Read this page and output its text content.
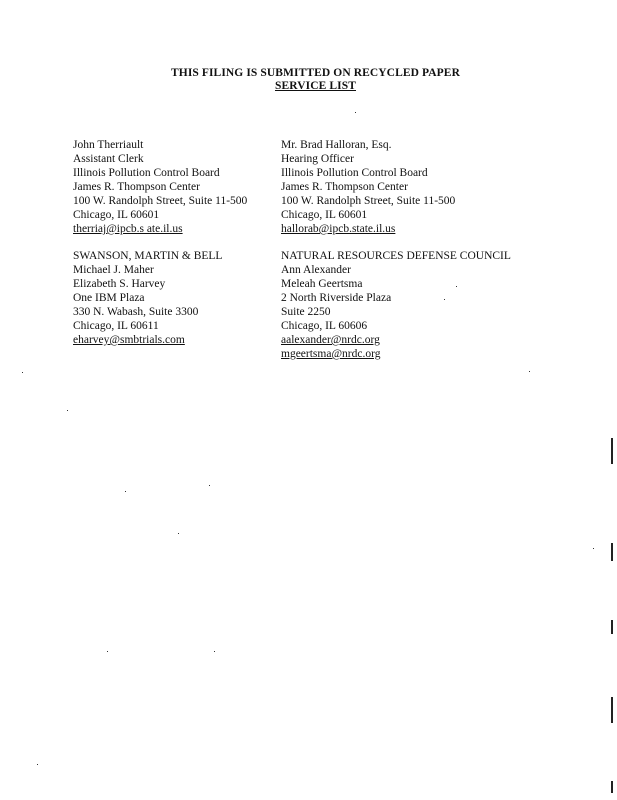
THIS FILING IS SUBMITTED ON RECYCLED PAPER
SERVICE LIST
John Therriault
Assistant Clerk
Illinois Pollution Control Board
James R. Thompson Center
100 W. Randolph Street, Suite 11-500
Chicago, IL 60601
therriaj@ipcb.s ate.il.us
Mr. Brad Halloran, Esq.
Hearing Officer
Illinois Pollution Control Board
James R. Thompson Center
100 W. Randolph Street, Suite 11-500
Chicago, IL 60601
hallorab@ipcb.state.il.us
SWANSON, MARTIN & BELL
Michael J. Maher
Elizabeth S. Harvey
One IBM Plaza
330 N. Wabash, Suite 3300
Chicago, IL 60611
eharvey@smbtrials.com
NATURAL RESOURCES DEFENSE COUNCIL
Ann Alexander
Meleah Geertsma
2 North Riverside Plaza
Suite 2250
Chicago, IL 60606
aalexander@nrdc.org
mgeertsma@nrdc.org
